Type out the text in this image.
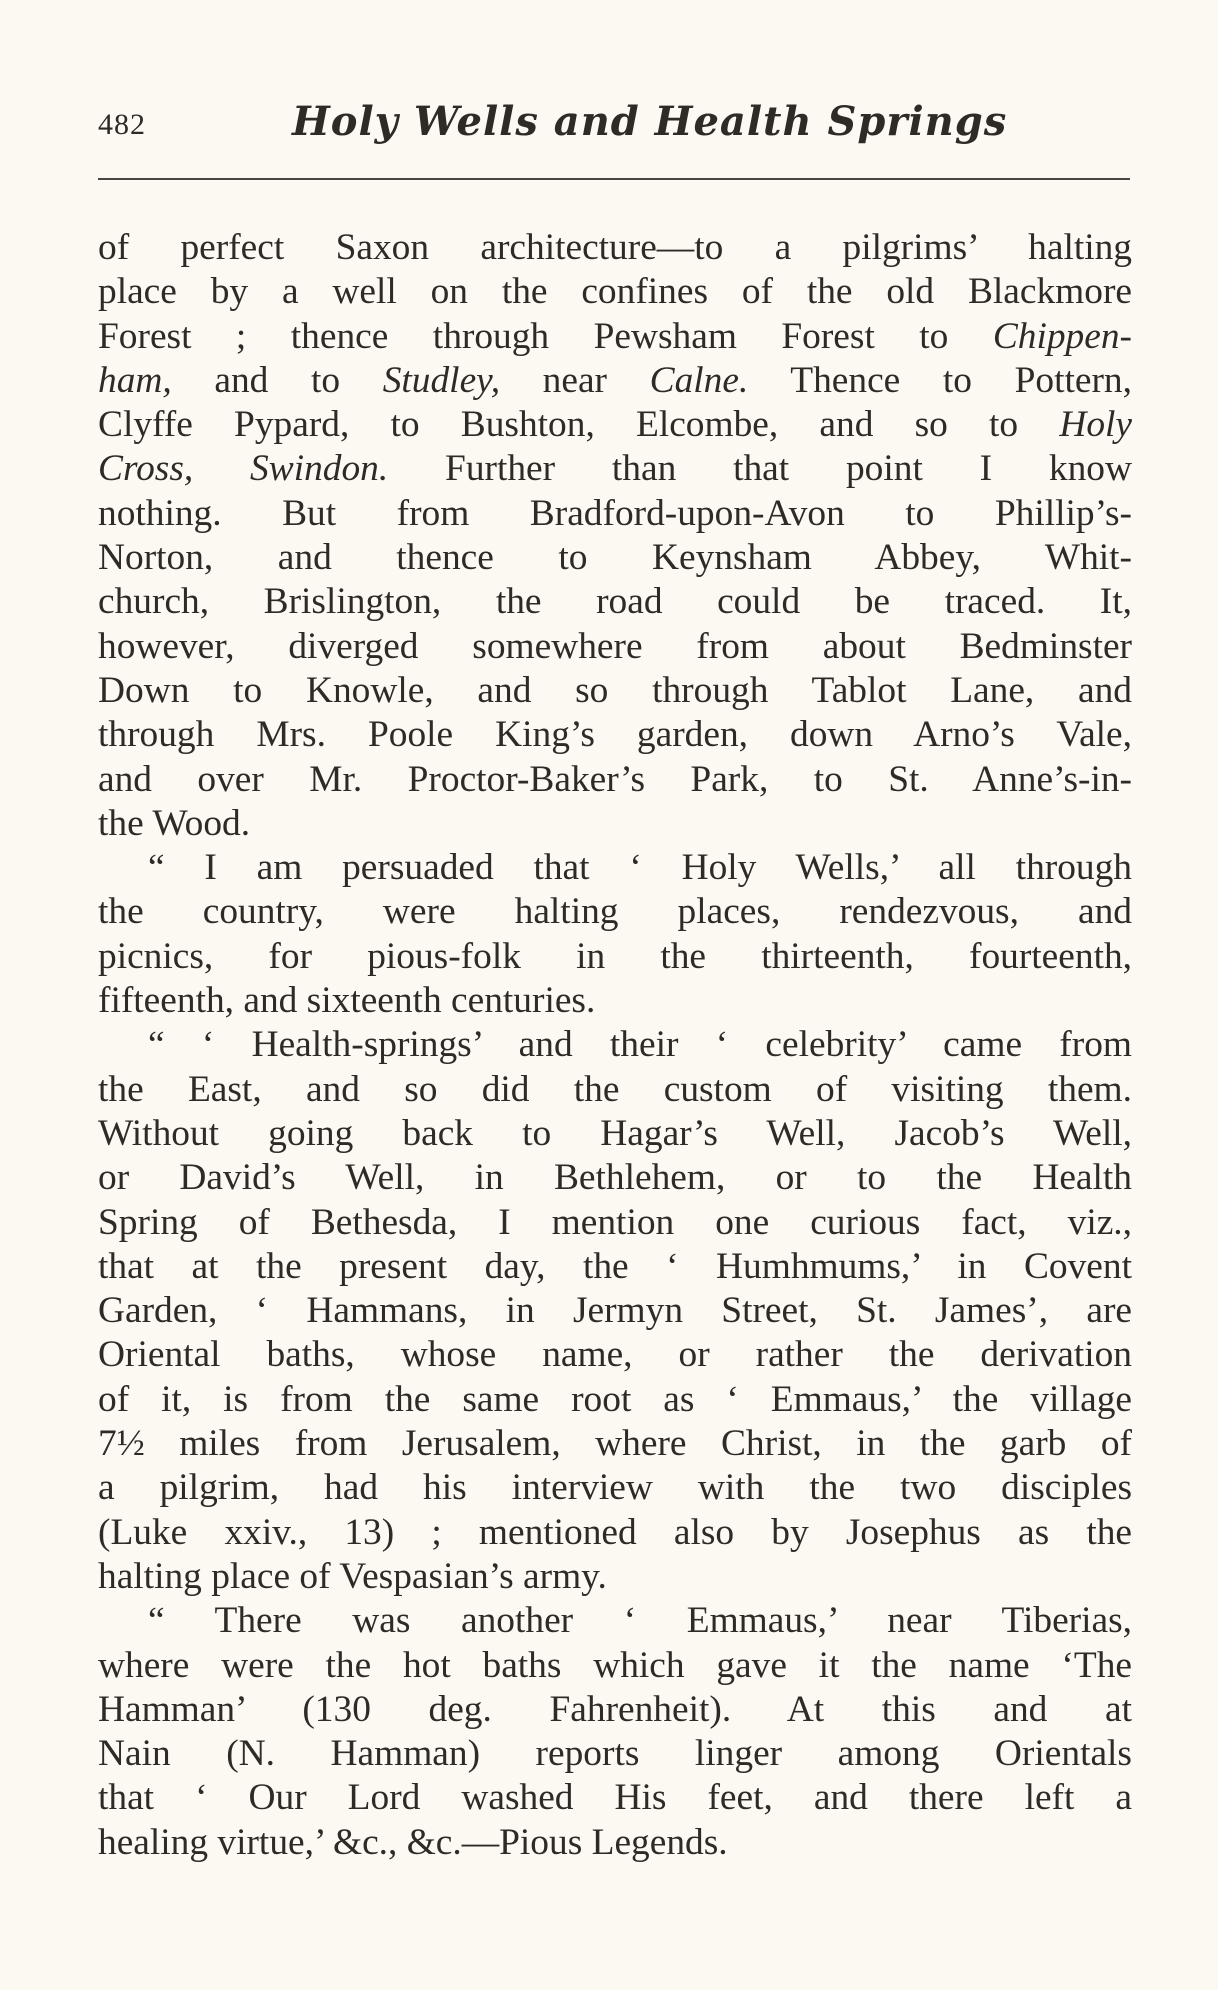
482	Holy Wells and Health Springs

of perfect Saxon architecture—to a pilgrims’ halting

place by a well on the confines of the old Blackmore

Forest ; thence through Pewsham Forest to Chippen-

ham, and to Studley, near Calne. Thence to Pottern,

Clyffe Pypard, to Bushton, Elcombe, and so to Holy

Cross, Swindon. Further than that point I know

nothing. But from Bradford-upon-Avon to Phillip’s-

Norton, and thence to Keynsham Abbey, Whit-

church, Brislington, the road could be traced. It,

however, diverged somewhere from about Bedminster

Down to Knowle, and so through Tablot Lane, and

through Mrs. Poole King’s garden, down Arno’s Vale,

and over Mr. Proctor-Baker’s Park, to St. Anne’s-in-

the Wood.

“ I am persuaded that ‘ Holy Wells,’ all through

the country, were halting places, rendezvous, and

picnics, for pious-folk in the thirteenth, fourteenth,

fifteenth, and sixteenth centuries.

“ ‘ Health-springs’ and their ‘ celebrity’ came from

the East, and so did the custom of visiting them.

Without going back to Hagar’s Well, Jacob’s Well,

or David’s Well, in Bethlehem, or to the Health

Spring of Bethesda, I mention one curious fact, viz.,

that at the present day, the ‘ Humhmums,’ in Covent

Garden, ‘ Hammans, in Jermyn Street, St. James’, are

Oriental baths, whose name, or rather the derivation

of it, is from the same root as ‘ Emmaus,’ the village

7½ miles from Jerusalem, where Christ, in the garb of

a pilgrim, had his interview with the two disciples

(Luke xxiv., 13) ; mentioned also by Josephus as the

halting place of Vespasian’s army.

“ There was another ‘ Emmaus,’ near Tiberias,

where were the hot baths which gave it the name ‘The

Hamman’ (130 deg. Fahrenheit). At this and at

Nain (N. Hamman) reports linger among Orientals

that ‘ Our Lord washed His feet, and there left a

healing virtue,’ &c., &c.—Pious Legends.
